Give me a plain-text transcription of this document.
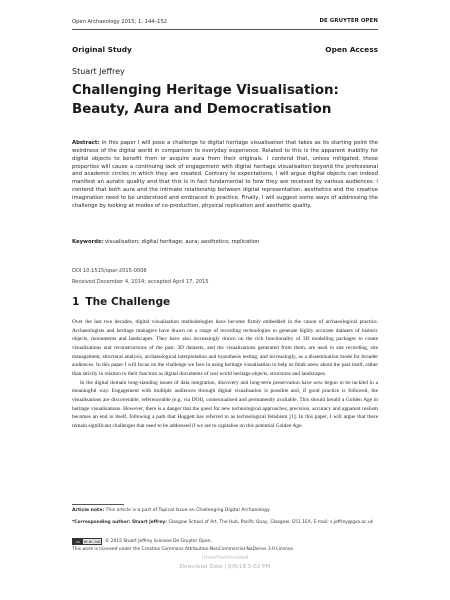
Open Archaeology 2015; 1: 144–152	DE GRUYTER OPEN
Original Study	Open Access
Stuart Jeffrey
Challenging Heritage Visualisation:
Beauty, Aura and Democratisation
Abstract: In this paper I will pose a challenge to digital heritage visualisation that takes as its starting point the weirdness of the digital world in comparison to everyday experience. Related to this is the apparent inability for digital objects to benefit from or acquire aura from their originals. I contend that, unless mitigated, these properties will cause a continuing lack of engagement with digital heritage visualisation beyond the professional and academic circles in which they are created. Contrary to expectations, I will argue digital objects can indeed manifest an auratic quality and that this is in fact fundamental to how they are received by various audiences. I contend that both aura and the intimate relationship between digital representation, aesthetics and the creative imagination need to be understood and embraced in practice. Finally, I will suggest some ways of addressing the challenge by looking at modes of co-production, physical replication and aesthetic quality.
Keywords: visualisation; digital heritage; aura; aesthetics; replication
DOI 10.1515/opar-2015-0008
Received December 4, 2014; accepted April 17, 2015
1 The Challenge

Over the last two decades, digital visualisation methodologies have become firmly embedded in the canon of archaeological practice. Archaeologists and heritage managers have drawn on a range of recording technologies to generate highly accurate datasets of historic objects, monuments and landscapes. They have also increasingly drawn on the rich functionality of 3D modelling packages to create visualisations and reconstructions of the past. 3D datasets, and the visualisations generated from them, are used in site recording, site management, structural analysis, archaeological interpretation and hypothesis testing, and increasingly, as a dissemination mode for broader audiences. In this paper I will focus on the challenge we face in using heritage visualisation to help us think anew about the past itself, rather than strictly in relation to their function as digital documents of real world heritage objects, structures and landscapes.

In the digital domain long-standing issues of data integration, discovery and long-term preservation have now begun to be tackled in a meaningful way. Engagement with multiple audiences through digital visualisation is possible and, if good practice is followed, the visualisations are discoverable, referenceable (e.g. via DOI), contextualised and permanently available. This should herald a Golden Age in heritage visualisations. However, there is a danger that the quest for new technological approaches, precision, accuracy and apparent realism becomes an end in itself, following a path that Huggett has referred to as technological fetishism [1]. In this paper, I will argue that there remain significant challenges that need to be addressed if we are to capitalise on this potential Golden Age.

Article note: This article is a part of Topical Issue on Challenging Digital Archaeology.
*Corresponding author: Stuart Jeffrey: Glasgow School of Art, The Hub, Pacific Quay, Glasgow, G51 1EA, E-mail: s.jeffrey@gsa.ac.uk
cc	BY-NC-ND © 2015 Stuart Jeffrey licensee De Gruyter Open.
This work is licensed under the Creative Commons Attribution-NonCommercial-NoDerivs 3.0 License.
Unauthenticated
Download Date | 6/6/18 5:02 PM
